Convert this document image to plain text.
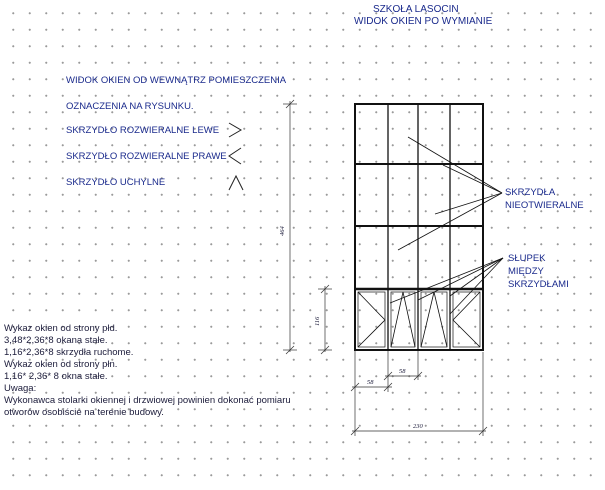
SZKOŁA LASOCIN
WIDOK OKIEN PO WYMIANIE
WIDOK OKIEN OD WEWNĄTRZ POMIESZCZENIA
OZNACZENIA NA RYSUNKU.
SKRZYDŁO ROZWIERALNE LEWE
SKRZYDŁO ROZWIERALNE PRAWE
SKRZYDŁO UCHYLNE
SKRZYDŁA
NIEOTWIERALNE
SŁUPEK
MIĘDZY
SKRZYDŁAMI
Wykaz okien od strony płd.
3,48*2,36*8 okana stałe.
1,16*2,36*8 skrzydła ruchome.
Wykaz okien od strony płn.
1,16* 2,36* 8 okna stałe.
Uwaga:
Wykonawca stolarki okiennej i drzwiowej powinien dokonać pomiaru
otworów osobiście na terenie budowy.
464
116
58
58
230
